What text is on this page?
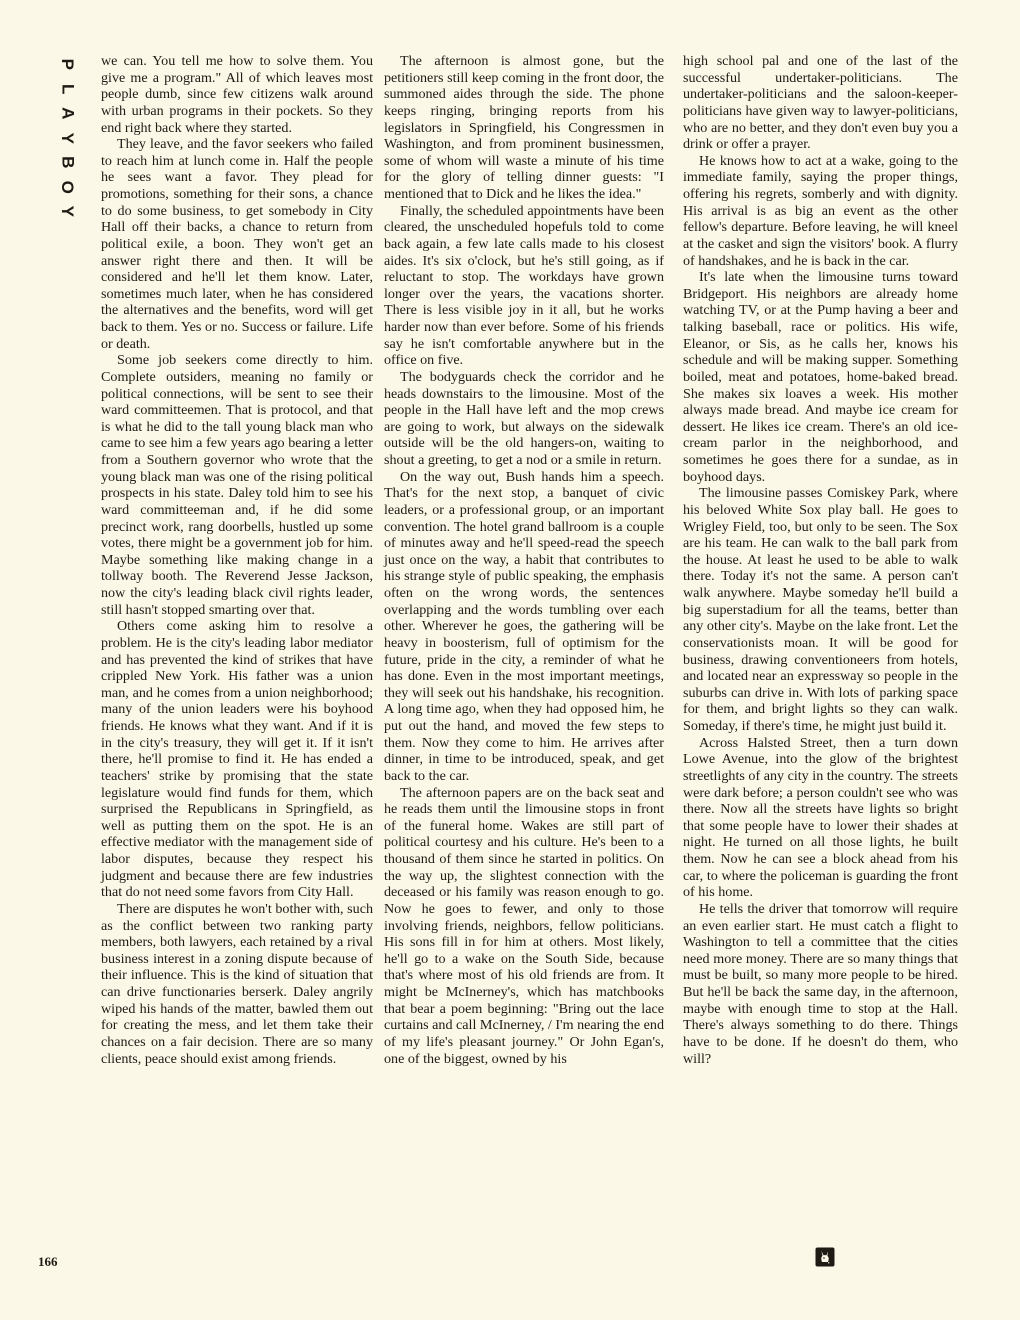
P
L
A
Y
B
O
Y

we can. You tell me how to solve them. You give me a program." All of which leaves most people dumb, since few citizens walk around with urban programs in their pockets. So they end right back where they started.

They leave, and the favor seekers who failed to reach him at lunch come in. Half the people he sees want a favor. They plead for promotions, something for their sons, a chance to do some business, to get somebody in City Hall off their backs, a chance to return from political exile, a boon. They won't get an answer right there and then. It will be considered and he'll let them know. Later, sometimes much later, when he has considered the alternatives and the benefits, word will get back to them. Yes or no. Success or failure. Life or death.

Some job seekers come directly to him. Complete outsiders, meaning no family or political connections, will be sent to see their ward committeemen. That is protocol, and that is what he did to the tall young black man who came to see him a few years ago bearing a letter from a Southern governor who wrote that the young black man was one of the rising political prospects in his state. Daley told him to see his ward committeeman and, if he did some precinct work, rang doorbells, hustled up some votes, there might be a government job for him. Maybe something like making change in a tollway booth. The Reverend Jesse Jackson, now the city's leading black civil rights leader, still hasn't stopped smarting over that.

Others come asking him to resolve a problem. He is the city's leading labor mediator and has prevented the kind of strikes that have crippled New York. His father was a union man, and he comes from a union neighborhood; many of the union leaders were his boyhood friends. He knows what they want. And if it is in the city's treasury, they will get it. If it isn't there, he'll promise to find it. He has ended a teachers' strike by promising that the state legislature would find funds for them, which surprised the Republicans in Springfield, as well as putting them on the spot. He is an effective mediator with the management side of labor disputes, because they respect his judgment and because there are few industries that do not need some favors from City Hall.

There are disputes he won't bother with, such as the conflict between two ranking party members, both lawyers, each retained by a rival business interest in a zoning dispute because of their influence. This is the kind of situation that can drive functionaries berserk. Daley angrily wiped his hands of the matter, bawled them out for creating the mess, and let them take their chances on a fair decision. There are so many clients, peace should exist among friends.

The afternoon is almost gone, but the petitioners still keep coming in the front door, the summoned aides through the side. The phone keeps ringing, bringing reports from his legislators in Springfield, his Congressmen in Washington, and from prominent businessmen, some of whom will waste a minute of his time for the glory of telling dinner guests: "I mentioned that to Dick and he likes the idea."

Finally, the scheduled appointments have been cleared, the unscheduled hopefuls told to come back again, a few late calls made to his closest aides. It's six o'clock, but he's still going, as if reluctant to stop. The workdays have grown longer over the years, the vacations shorter. There is less visible joy in it all, but he works harder now than ever before. Some of his friends say he isn't comfortable anywhere but in the office on five.

The bodyguards check the corridor and he heads downstairs to the limousine. Most of the people in the Hall have left and the mop crews are going to work, but always on the sidewalk outside will be the old hangers-on, waiting to shout a greeting, to get a nod or a smile in return.

On the way out, Bush hands him a speech. That's for the next stop, a banquet of civic leaders, or a professional group, or an important convention. The hotel grand ballroom is a couple of minutes away and he'll speed-read the speech just once on the way, a habit that contributes to his strange style of public speaking, the emphasis often on the wrong words, the sentences overlapping and the words tumbling over each other. Wherever he goes, the gathering will be heavy in boosterism, full of optimism for the future, pride in the city, a reminder of what he has done. Even in the most important meetings, they will seek out his handshake, his recognition. A long time ago, when they had opposed him, he put out the hand, and moved the few steps to them. Now they come to him. He arrives after dinner, in time to be introduced, speak, and get back to the car.

The afternoon papers are on the back seat and he reads them until the limousine stops in front of the funeral home. Wakes are still part of political courtesy and his culture. He's been to a thousand of them since he started in politics. On the way up, the slightest connection with the deceased or his family was reason enough to go. Now he goes to fewer, and only to those involving friends, neighbors, fellow politicians. His sons fill in for him at others. Most likely, he'll go to a wake on the South Side, because that's where most of his old friends are from. It might be McInerney's, which has matchbooks that bear a poem beginning: "Bring out the lace curtains and call McInerney, / I'm nearing the end of my life's pleasant journey." Or John Egan's, one of the biggest, owned by his

high school pal and one of the last of the successful undertaker-politicians. The undertaker-politicians and the saloon-keeper-politicians have given way to lawyer-politicians, who are no better, and they don't even buy you a drink or offer a prayer.

He knows how to act at a wake, going to the immediate family, saying the proper things, offering his regrets, somberly and with dignity. His arrival is as big an event as the other fellow's departure. Before leaving, he will kneel at the casket and sign the visitors' book. A flurry of handshakes, and he is back in the car.

It's late when the limousine turns toward Bridgeport. His neighbors are already home watching TV, or at the Pump having a beer and talking baseball, race or politics. His wife, Eleanor, or Sis, as he calls her, knows his schedule and will be making supper. Something boiled, meat and potatoes, home-baked bread. She makes six loaves a week. His mother always made bread. And maybe ice cream for dessert. He likes ice cream. There's an old ice-cream parlor in the neighborhood, and sometimes he goes there for a sundae, as in boyhood days.

The limousine passes Comiskey Park, where his beloved White Sox play ball. He goes to Wrigley Field, too, but only to be seen. The Sox are his team. He can walk to the ball park from the house. At least he used to be able to walk there. Today it's not the same. A person can't walk anywhere. Maybe someday he'll build a big superstadium for all the teams, better than any other city's. Maybe on the lake front. Let the conservationists moan. It will be good for business, drawing conventioneers from hotels, and located near an expressway so people in the suburbs can drive in. With lots of parking space for them, and bright lights so they can walk. Someday, if there's time, he might just build it.

Across Halsted Street, then a turn down Lowe Avenue, into the glow of the brightest streetlights of any city in the country. The streets were dark before; a person couldn't see who was there. Now all the streets have lights so bright that some people have to lower their shades at night. He turned on all those lights, he built them. Now he can see a block ahead from his car, to where the policeman is guarding the front of his home.

He tells the driver that tomorrow will require an even earlier start. He must catch a flight to Washington to tell a committee that the cities need more money. There are so many things that must be built, so many more people to be hired. But he'll be back the same day, in the afternoon, maybe with enough time to stop at the Hall. There's always something to do there. Things have to be done. If he doesn't do them, who will?

166
